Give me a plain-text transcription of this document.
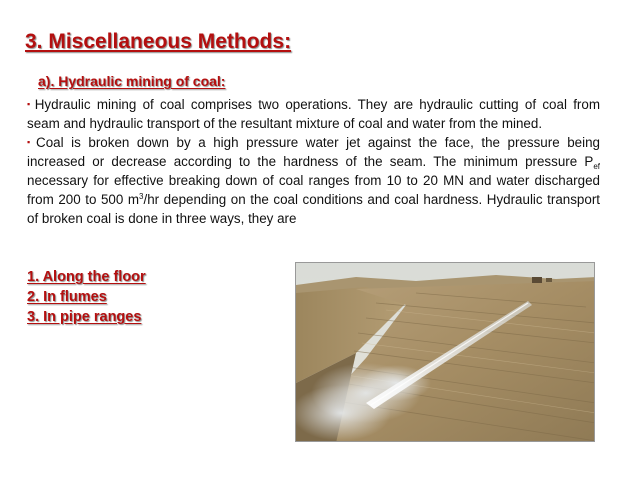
3. Miscellaneous Methods:
a). Hydraulic mining of coal:

▪ Hydraulic mining of coal comprises two operations. They are hydraulic cutting of coal from seam and hydraulic transport of the resultant mixture of coal and water from the mined.

▪ Coal is broken down by a high pressure water jet against the face, the pressure being increased or decrease according to the hardness of the seam. The minimum pressure $P_{ef}$ necessary for effective breaking down of coal ranges from 10 to 20 MN and water discharged from 200 to 500 $m^3/hr$ depending on the coal conditions and coal hardness. Hydraulic transport of broken coal is done in three ways, they are

1. Along the floor
2. In flumes
3. In pipe ranges
